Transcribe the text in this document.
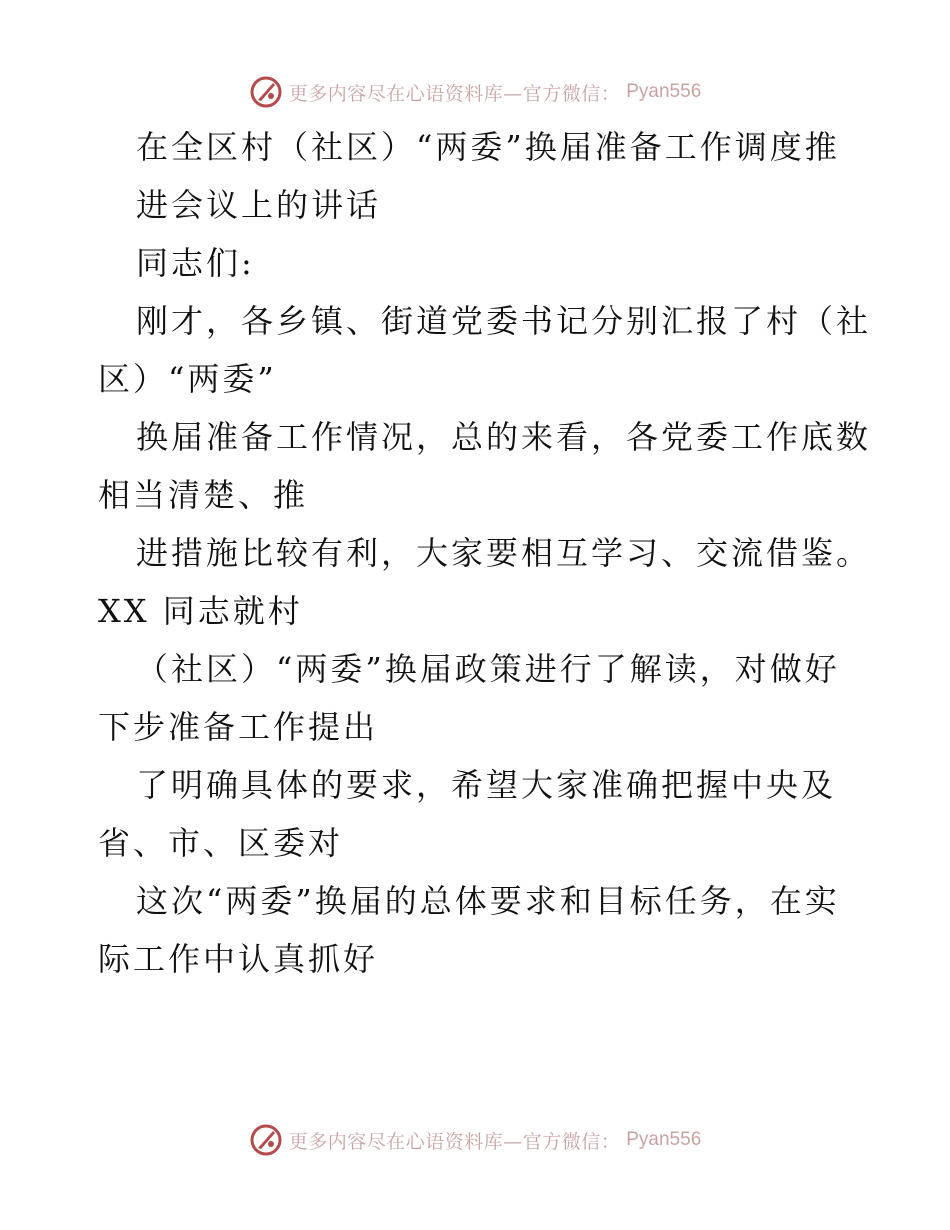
更多内容尽在心语资料库—官方微信： Pyan556
在全区村（社区）“两委”换届准备工作调度推
进会议上的讲话
同志们:
刚才，各乡镇、街道党委书记分别汇报了村（社
区）“两委”
换届准备工作情况，总的来看，各党委工作底数
相当清楚、推
进措施比较有利，大家要相互学习、交流借鉴。
XX 同志就村
（社区）“两委”换届政策进行了解读，对做好
下步准备工作提出
了明确具体的要求，希望大家准确把握中央及
省、市、区委对
这次“两委”换届的总体要求和目标任务，在实
际工作中认真抓好
更多内容尽在心语资料库—官方微信： Pyan556
